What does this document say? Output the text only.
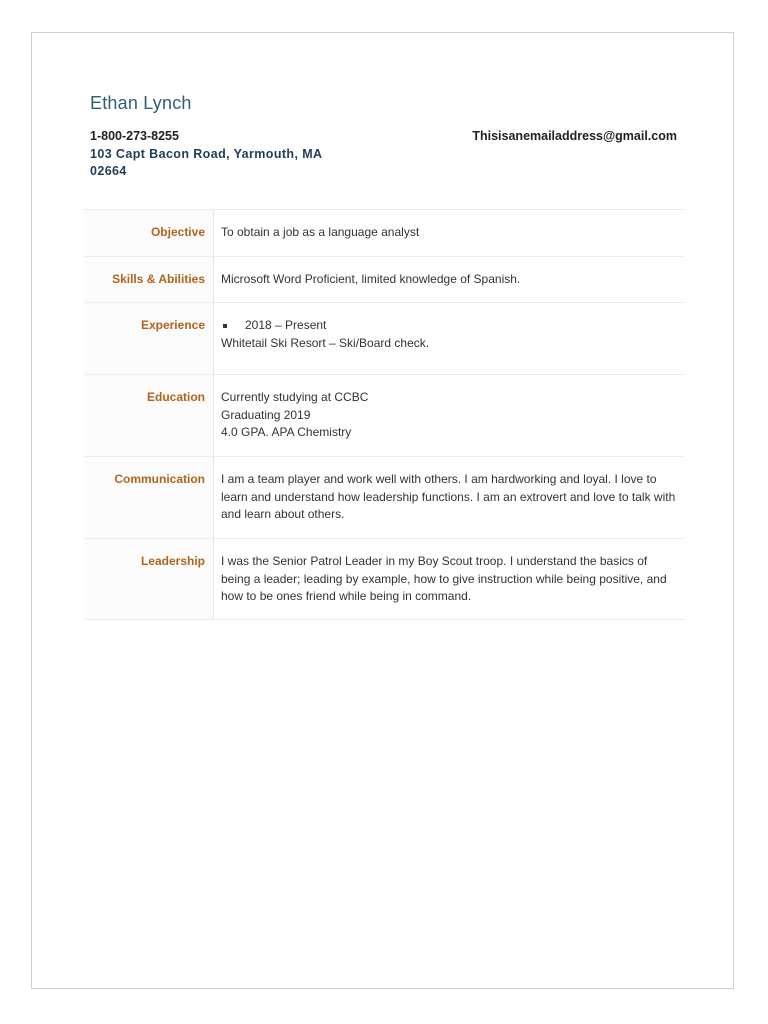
Ethan Lynch
1-800-273-8255	Thisisanemailaddress@gmail.com
103 Capt Bacon Road, Yarmouth, MA 02664
Objective	To obtain a job as a language analyst
Skills & Abilities	Microsoft Word Proficient, limited knowledge of Spanish.
Experience	2018 – Present
Whitetail Ski Resort – Ski/Board check.
Education	Currently studying at CCBC
Graduating 2019
4.0 GPA. APA Chemistry
Communication	I am a team player and work well with others. I am hardworking and loyal. I love to learn and understand how leadership functions. I am an extrovert and love to talk with and learn about others.
Leadership	I was the Senior Patrol Leader in my Boy Scout troop. I understand the basics of being a leader; leading by example, how to give instruction while being positive, and how to be ones friend while being in command.
